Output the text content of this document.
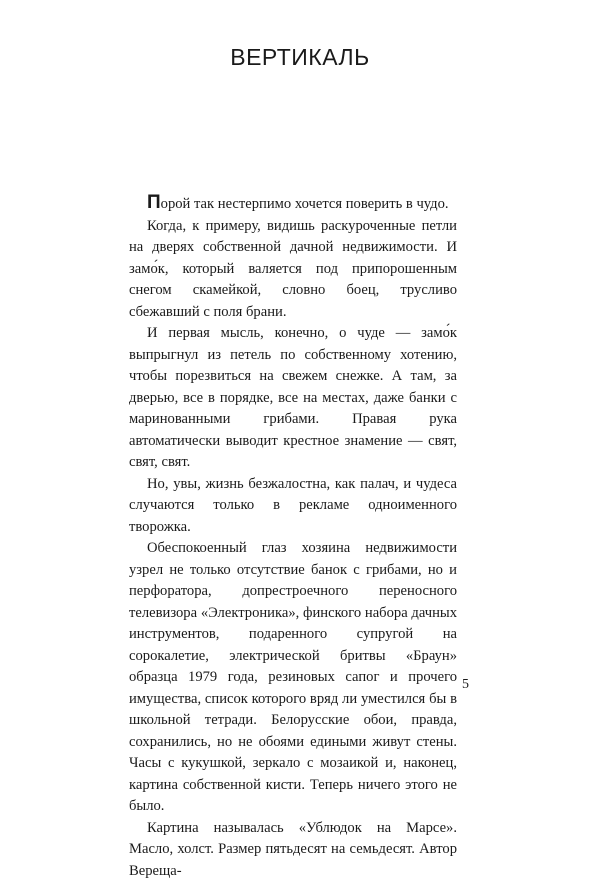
ВЕРТИКАЛЬ

Порой так нестерпимо хочется поверить в чудо.

Когда, к примеру, видишь раскуроченные петли на дверях собственной дачной недвижимости. И замо́к, который валяется под припорошенным снегом скамейкой, словно боец, трусливо сбежавший с поля брани.

И первая мысль, конечно, о чуде — замо́к выпрыгнул из петель по собственному хотению, чтобы порезвиться на свежем снежке. А там, за дверью, все в порядке, все на местах, даже банки с маринованными грибами. Правая рука автоматически выводит крестное знамение — свят, свят, свят.

Но, увы, жизнь безжалостна, как палач, и чудеса случаются только в рекламе одноименного творожка.

Обеспокоенный глаз хозяина недвижимости узрел не только отсутствие банок с грибами, но и перфоратора, допрестроечного переносного телевизора «Электроника», финского набора дачных инструментов, подаренного супругой на сорокалетие, электрической бритвы «Браун» образца 1979 года, резиновых сапог и прочего имущества, список которого вряд ли уместился бы в школьной тетради. Белорусские обои, правда, сохранились, но не обоями едиными живут стены. Часы с кукушкой, зеркало с мозаикой и, наконец, картина собственной кисти. Теперь ничего этого не было.

Картина называлась «Ублюдок на Марсе». Масло, холст. Размер пятьдесят на семьдесят. Автор Вереща-

5
